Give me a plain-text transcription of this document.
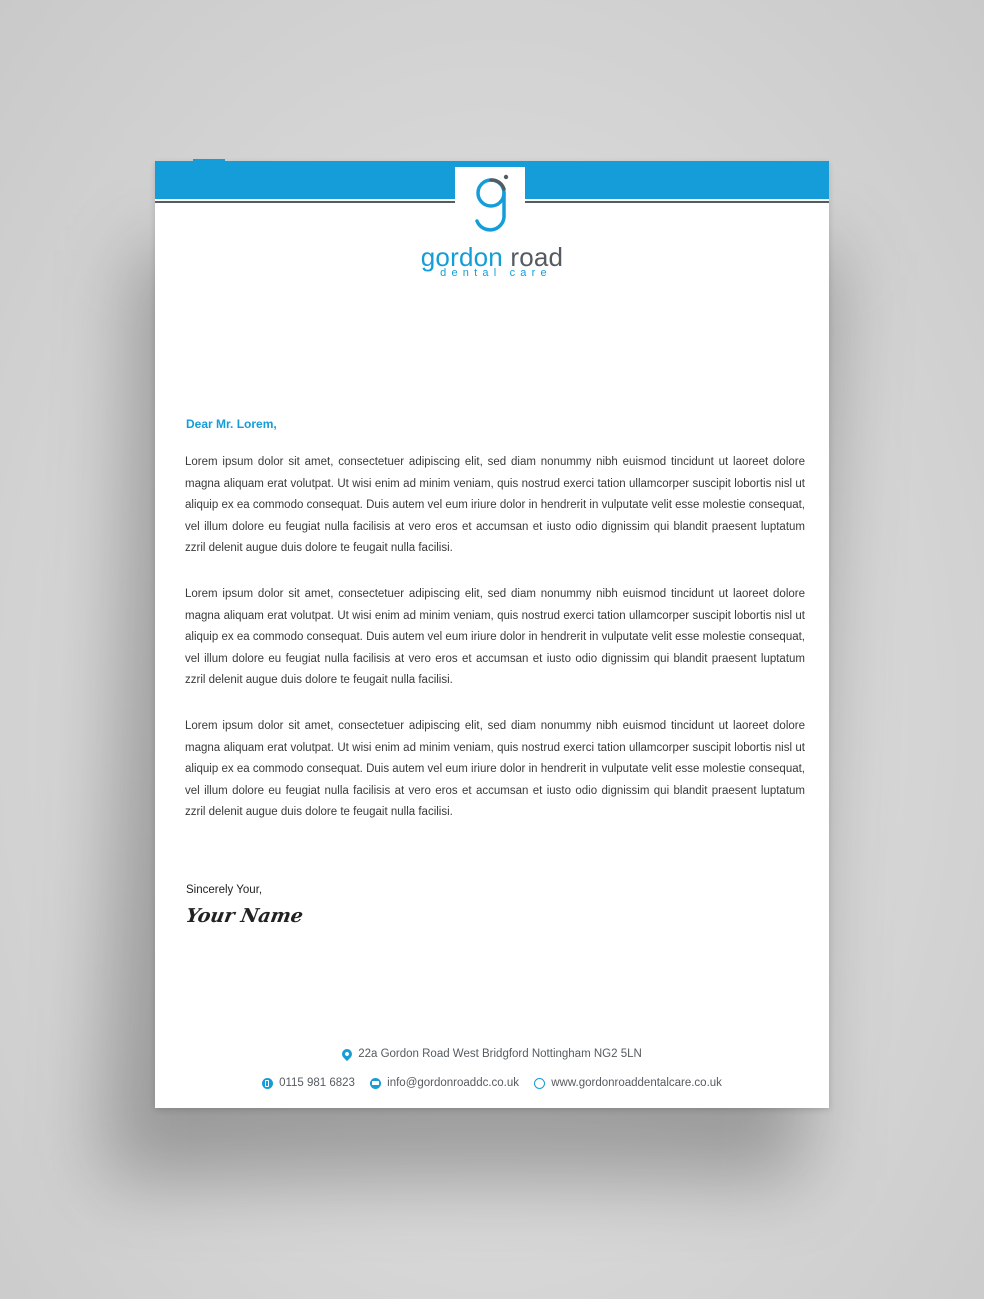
gordon road
dental care
Dear Mr. Lorem,
Lorem ipsum dolor sit amet, consectetuer adipiscing elit, sed diam nonummy nibh euismod tincidunt ut laoreet dolore magna aliquam erat volutpat. Ut wisi enim ad minim veniam, quis nostrud exerci tation ullamcorper suscipit lobortis nisl ut aliquip ex ea commodo consequat. Duis autem vel eum iriure dolor in hendrerit in vulputate velit esse molestie consequat, vel illum dolore eu feugiat nulla facilisis at vero eros et accumsan et iusto odio dignissim qui blandit praesent luptatum zzril delenit augue duis dolore te feugait nulla facilisi.
Lorem ipsum dolor sit amet, consectetuer adipiscing elit, sed diam nonummy nibh euismod tincidunt ut laoreet dolore magna aliquam erat volutpat. Ut wisi enim ad minim veniam, quis nostrud exerci tation ullamcorper suscipit lobortis nisl ut aliquip ex ea commodo consequat. Duis autem vel eum iriure dolor in hendrerit in vulputate velit esse molestie consequat, vel illum dolore eu feugiat nulla facilisis at vero eros et accumsan et iusto odio dignissim qui blandit praesent luptatum zzril delenit augue duis dolore te feugait nulla facilisi.
Lorem ipsum dolor sit amet, consectetuer adipiscing elit, sed diam nonummy nibh euismod tincidunt ut laoreet dolore magna aliquam erat volutpat. Ut wisi enim ad minim veniam, quis nostrud exerci tation ullamcorper suscipit lobortis nisl ut aliquip ex ea commodo consequat. Duis autem vel eum iriure dolor in hendrerit in vulputate velit esse molestie consequat, vel illum dolore eu feugiat nulla facilisis at vero eros et accumsan et iusto odio dignissim qui blandit praesent luptatum zzril delenit augue duis dolore te feugait nulla facilisi.
Sincerely Your,
Your Name
22a Gordon Road West Bridgford Nottingham NG2 5LN
0115 981 6823
	info@gordonroaddc.co.uk
	www.gordonroaddentalcare.co.uk
